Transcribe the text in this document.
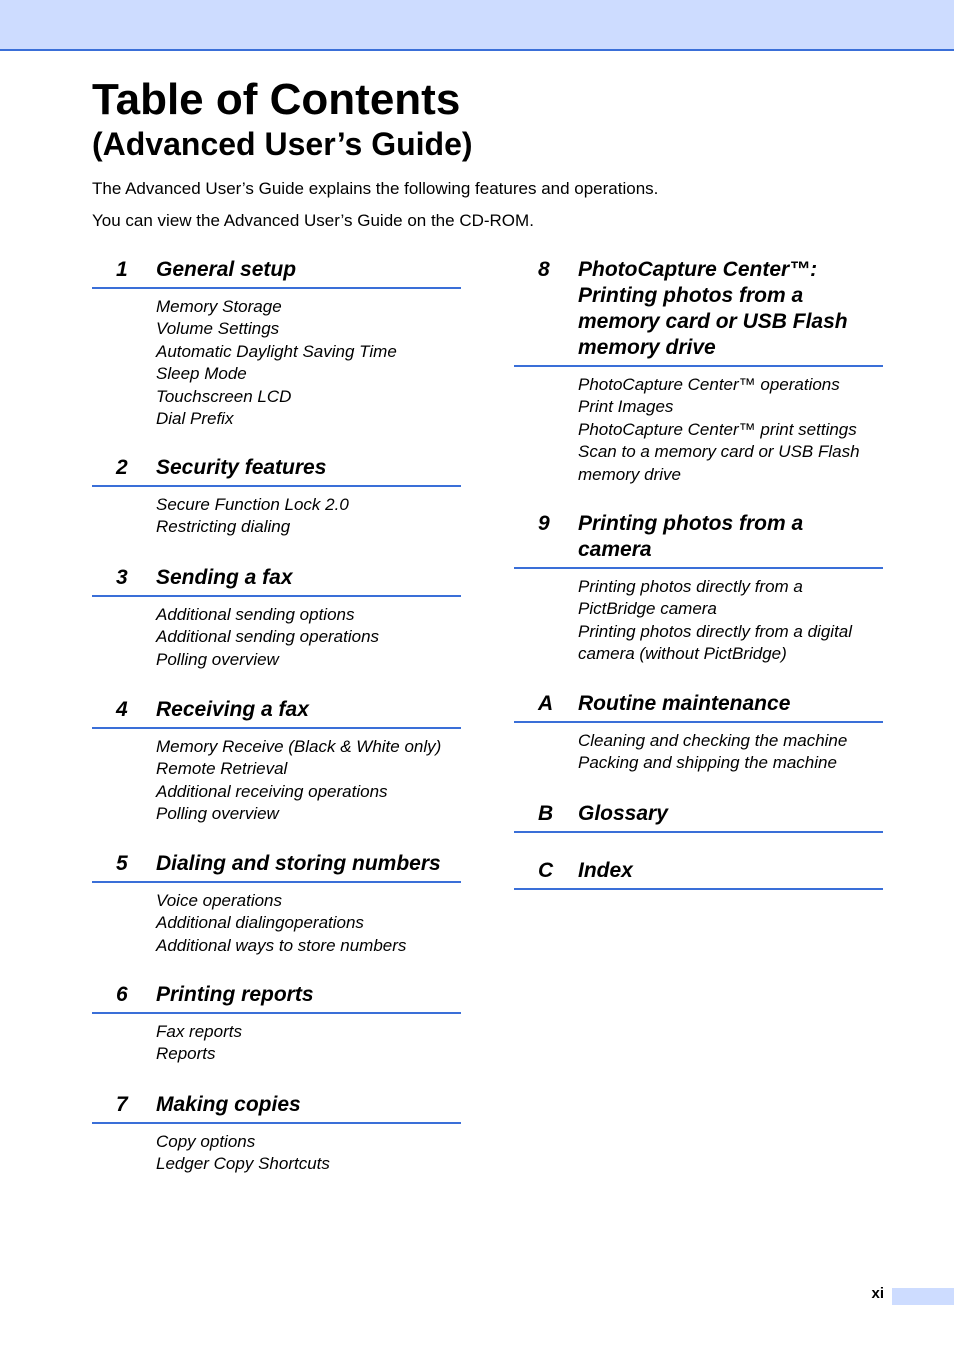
Table of Contents
(Advanced User’s Guide)

The Advanced User’s Guide explains the following features and operations.

You can view the Advanced User’s Guide on the CD-ROM.

1	General setup
Memory Storage
Volume Settings
Automatic Daylight Saving Time
Sleep Mode
Touchscreen LCD
Dial Prefix
2	Security features
Secure Function Lock 2.0
Restricting dialing
3	Sending a fax
Additional sending options
Additional sending operations
Polling overview
4	Receiving a fax
Memory Receive (Black & White only)
Remote Retrieval
Additional receiving operations
Polling overview
5	Dialing and storing numbers
Voice operations
Additional dialingoperations
Additional ways to store numbers
6	Printing reports
Fax reports
Reports
7	Making copies
Copy options
Ledger Copy Shortcuts
8	PhotoCapture Center™:
Printing photos from a
memory card or USB Flash
memory drive
PhotoCapture Center™ operations
Print Images
PhotoCapture Center™ print settings
Scan to a memory card or USB Flash
memory drive
9	Printing photos from a
camera
Printing photos directly from a
PictBridge camera
Printing photos directly from a digital
camera (without PictBridge)
A	Routine maintenance
Cleaning and checking the machine
Packing and shipping the machine
B	Glossary
C	Index
xi
